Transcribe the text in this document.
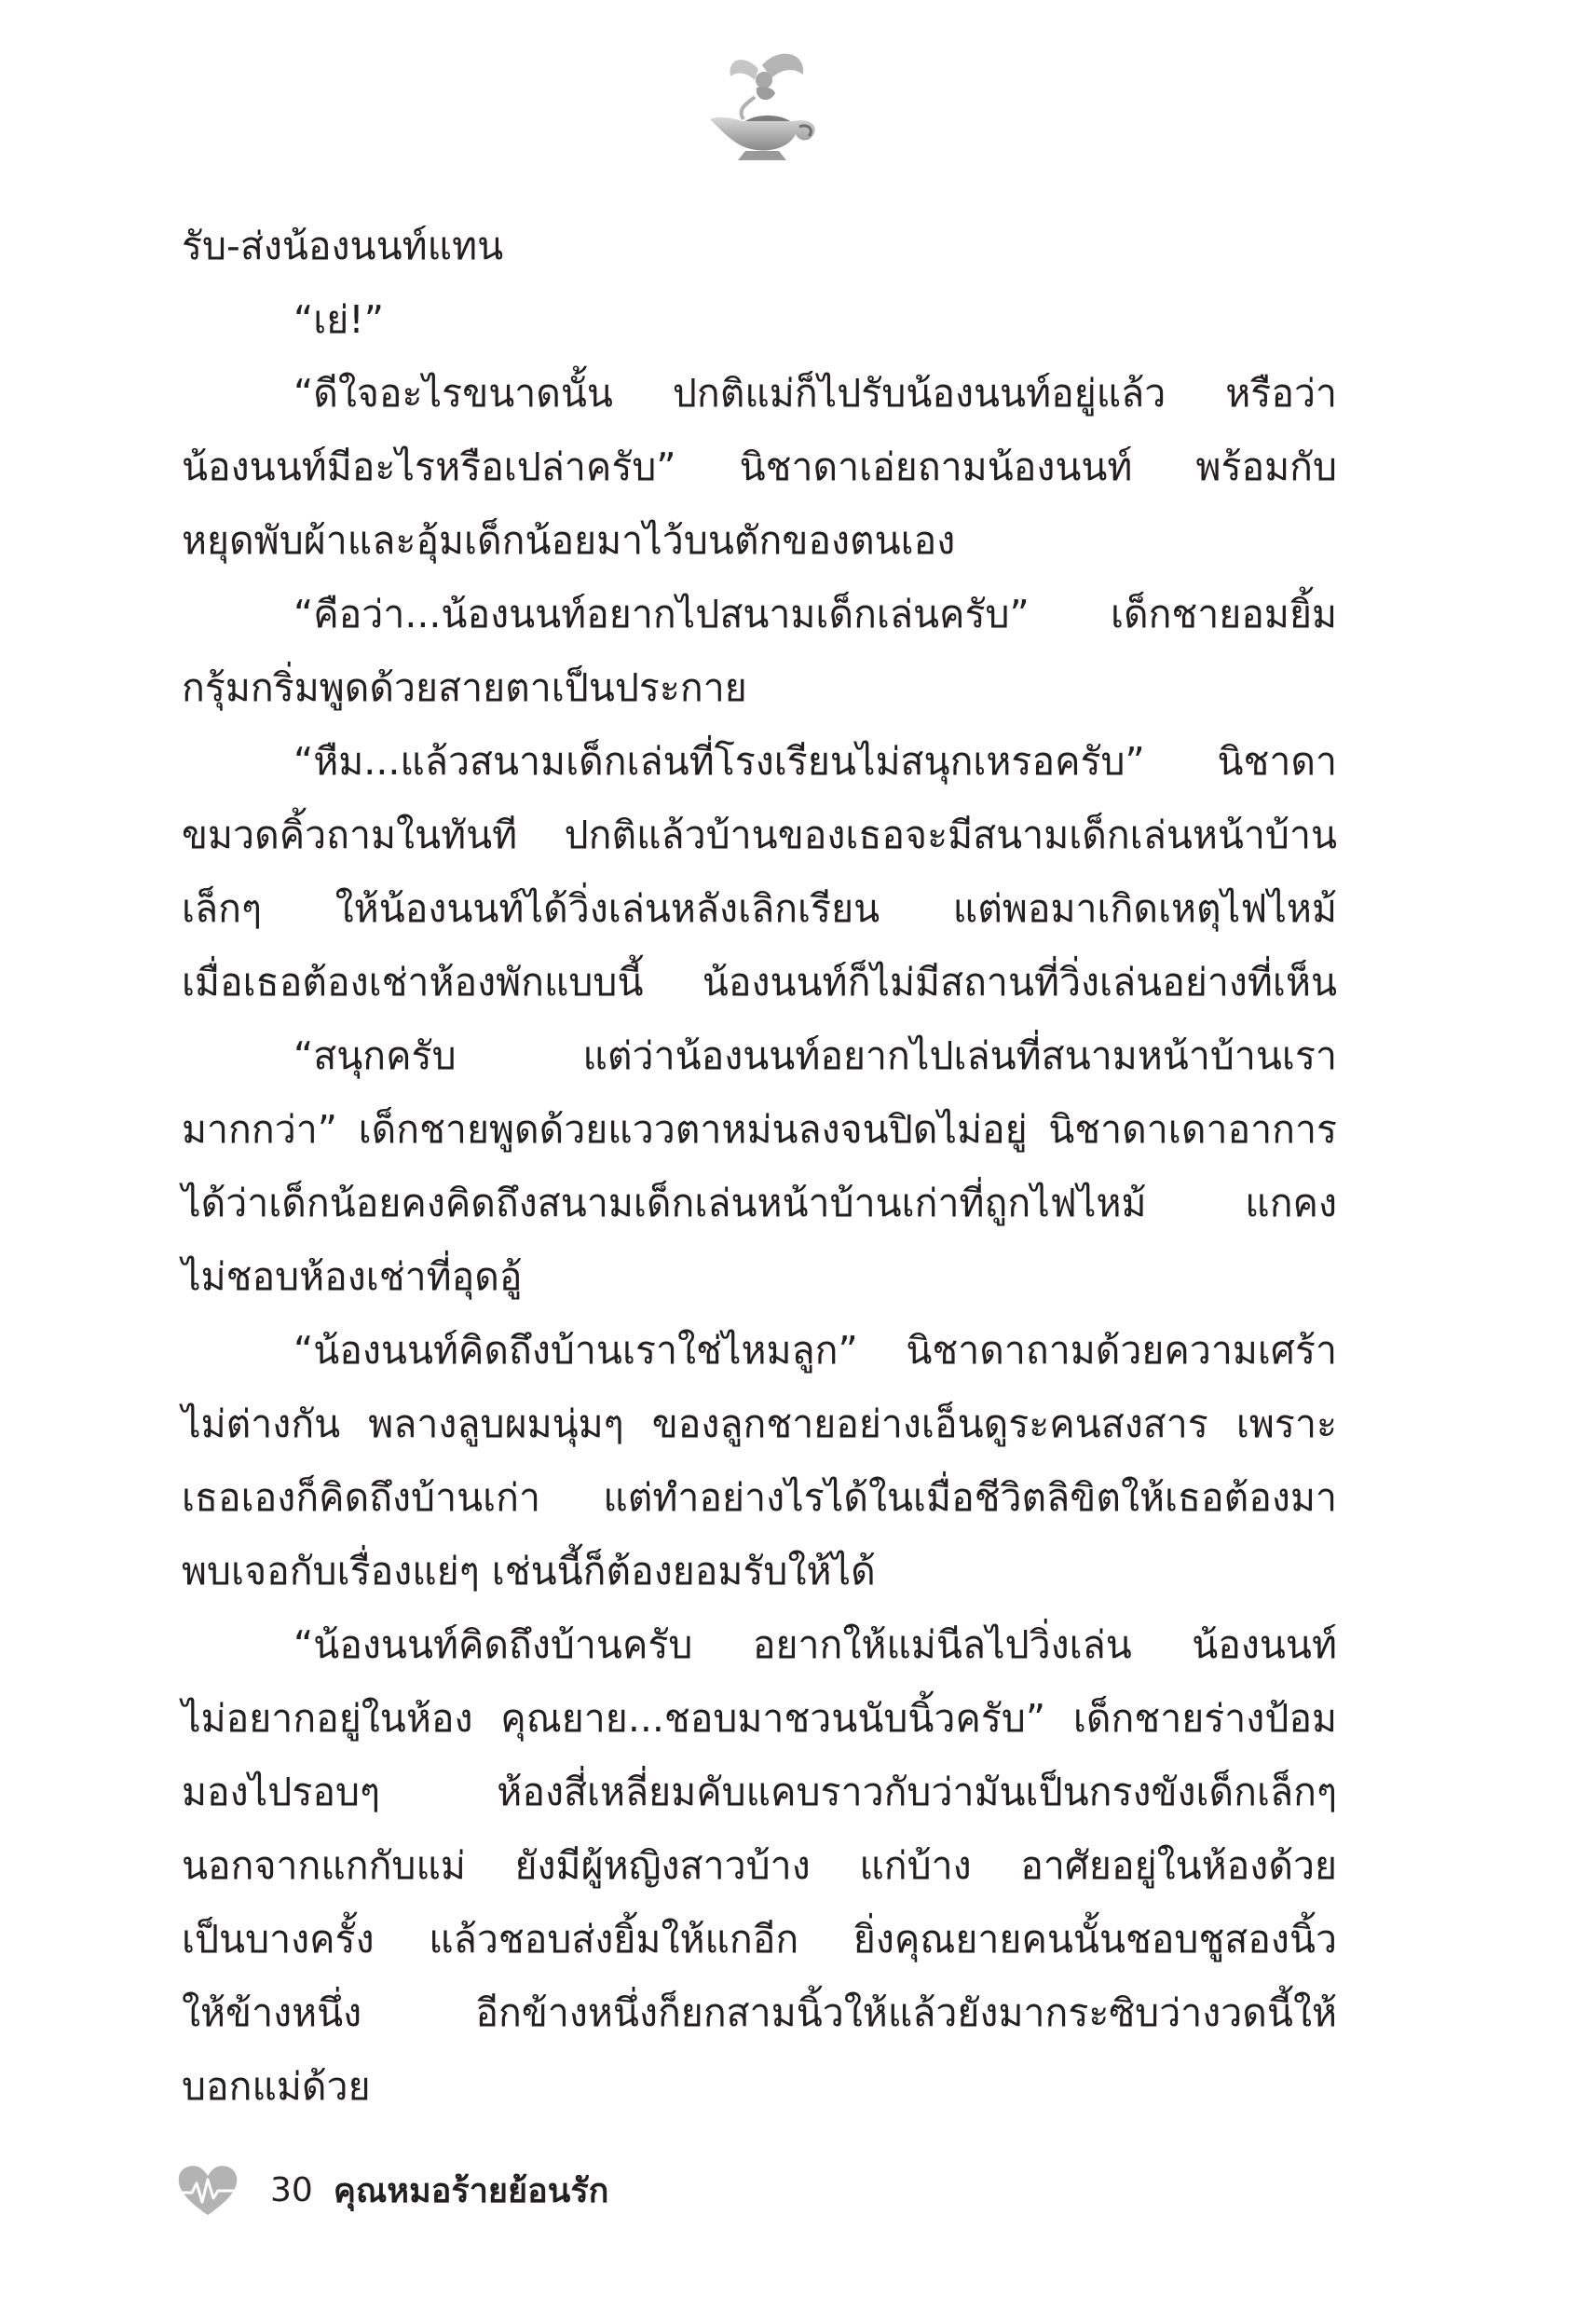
รับ-ส่งน้องนนท์แทน
“เย่!”
“ดีใจอะไรขนาดนั้น ปกติแม่ก็ไปรับน้องนนท์อยู่แล้ว หรือว่า
น้องนนท์มีอะไรหรือเปล่าครับ” นิชาดาเอ่ยถามน้องนนท์ พร้อมกับ
หยุดพับผ้าและอุ้มเด็กน้อยมาไว้บนตักของตนเอง
“คือว่า...น้องนนท์อยากไปสนามเด็กเล่นครับ” เด็กชายอมยิ้ม
กรุ้มกริ่มพูดด้วยสายตาเป็นประกาย
“หืม...แล้วสนามเด็กเล่นที่โรงเรียนไม่สนุกเหรอครับ” นิชาดา
ขมวดคิ้วถามในทันที ปกติแล้วบ้านของเธอจะมีสนามเด็กเล่นหน้าบ้าน
เล็กๆ ให้น้องนนท์ได้วิ่งเล่นหลังเลิกเรียน แต่พอมาเกิดเหตุไฟไหม้
เมื่อเธอต้องเช่าห้องพักแบบนี้ น้องนนท์ก็ไม่มีสถานที่วิ่งเล่นอย่างที่เห็น
“สนุกครับ แต่ว่าน้องนนท์อยากไปเล่นที่สนามหน้าบ้านเรา
มากกว่า” เด็กชายพูดด้วยแววตาหม่นลงจนปิดไม่อยู่ นิชาดาเดาอาการ
ได้ว่าเด็กน้อยคงคิดถึงสนามเด็กเล่นหน้าบ้านเก่าที่ถูกไฟไหม้ แกคง
ไม่ชอบห้องเช่าที่อุดอู้
“น้องนนท์คิดถึงบ้านเราใช่ไหมลูก” นิชาดาถามด้วยความเศร้า
ไม่ต่างกัน พลางลูบผมนุ่มๆ ของลูกชายอย่างเอ็นดูระคนสงสาร เพราะ
เธอเองก็คิดถึงบ้านเก่า แต่ทำอย่างไรได้ในเมื่อชีวิตลิขิตให้เธอต้องมา
พบเจอกับเรื่องแย่ๆ เช่นนี้ก็ต้องยอมรับให้ได้
“น้องนนท์คิดถึงบ้านครับ อยากให้แม่นีลไปวิ่งเล่น น้องนนท์
ไม่อยากอยู่ในห้อง คุณยาย...ชอบมาชวนนับนิ้วครับ” เด็กชายร่างป้อม
มองไปรอบๆ ห้องสี่เหลี่ยมคับแคบราวกับว่ามันเป็นกรงขังเด็กเล็กๆ
นอกจากแกกับแม่ ยังมีผู้หญิงสาวบ้าง แก่บ้าง อาศัยอยู่ในห้องด้วย
เป็นบางครั้ง แล้วชอบส่งยิ้มให้แกอีก ยิ่งคุณยายคนนั้นชอบชูสองนิ้ว
ให้ข้างหนึ่ง อีกข้างหนึ่งก็ยกสามนิ้วให้แล้วยังมากระซิบว่างวดนี้ให้
บอกแม่ด้วย
30 คุณหมอร้ายย้อนรัก
